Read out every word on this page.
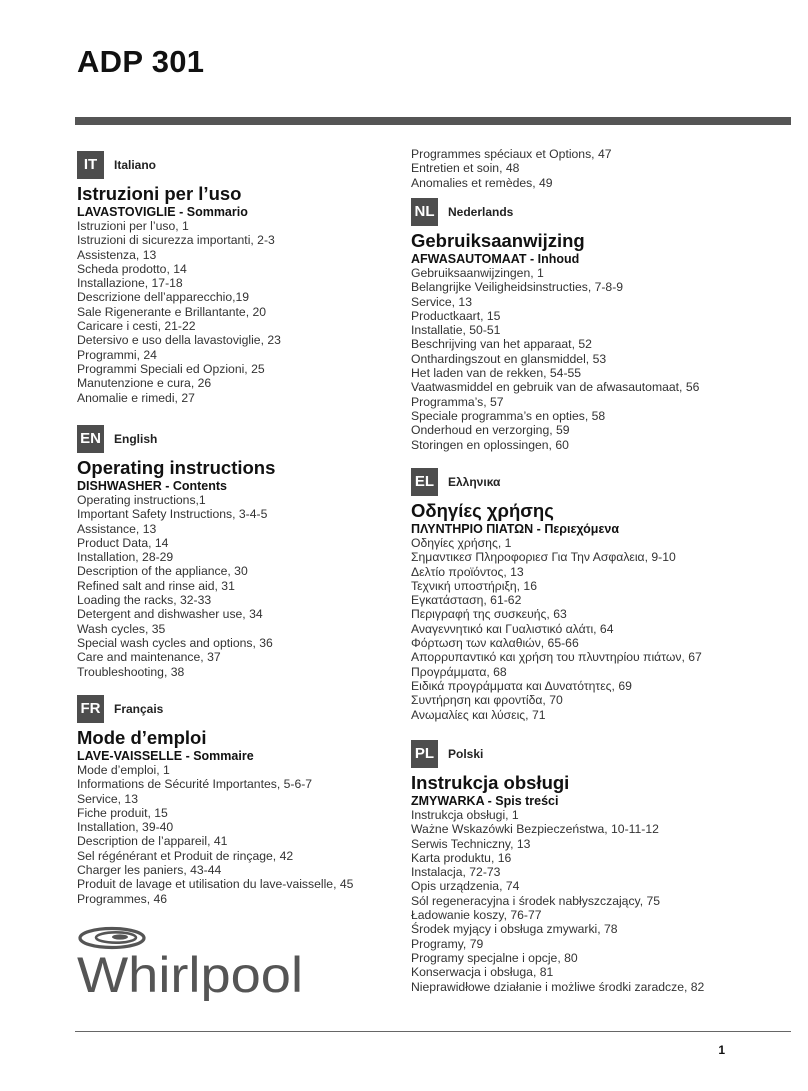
ADP 301
IT	Italiano
Istruzioni per l’uso
LAVASTOVIGLIE - Sommario
Istruzioni per l’uso, 1
Istruzioni di sicurezza importanti, 2-3
Assistenza, 13
Scheda prodotto, 14
Installazione, 17-18
Descrizione dell’apparecchio,19
Sale Rigenerante e Brillantante, 20
Caricare i cesti, 21-22
Detersivo e uso della lavastoviglie, 23
Programmi, 24
Programmi Speciali ed Opzioni, 25
Manutenzione e cura, 26
Anomalie e rimedi, 27
EN English
Operating instructions
DISHWASHER - Contents
Operating instructions,1
Important Safety Instructions, 3-4-5
Assistance, 13
Product Data, 14
Installation, 28-29
Description of the appliance, 30
Refined salt and rinse aid, 31
Loading the racks, 32-33
Detergent and dishwasher use, 34
Wash cycles, 35
Special wash cycles and options, 36
Care and maintenance, 37
Troubleshooting, 38
FR Français
Mode d’emploi
LAVE-VAISSELLE - Sommaire
Mode d’emploi, 1
Informations de Sécurité Importantes, 5-6-7
Service, 13
Fiche produit, 15
Installation, 39-40
Description de l’appareil, 41
Sel régénérant et Produit de rinçage, 42
Charger les paniers, 43-44
Produit de lavage et utilisation du lave-vaisselle, 45
Programmes, 46
Programmes spéciaux et Options, 47
Entretien et soin, 48
Anomalies et remèdes, 49
NL Nederlands
Gebruiksaanwijzing
AFWASAUTOMAAT - Inhoud
Gebruiksaanwijzingen, 1
Belangrijke Veiligheidsinstructies, 7-8-9
Service, 13
Productkaart, 15
Installatie, 50-51
Beschrijving van het apparaat, 52
Onthardingszout en glansmiddel, 53
Het laden van de rekken, 54-55
Vaatwasmiddel en gebruik van de afwasautomaat, 56
Programma’s, 57
Speciale programma’s en opties, 58
Onderhoud en verzorging, 59
Storingen en oplossingen, 60
EL	Ελληνικα
Οδηγίες χρήσης
ΠΛΥΝΤΗΡΙΟ ΠΙΑΤΩΝ - Περιεχόμενα
Οδηγίες χρήσης, 1
Σημαντικεσ Πληροφοριεσ Για Την Ασφαλεια, 9-10
Δελτίο προϊόντος, 13
Τεχνική υποστήριξη, 16
Εγκατάσταση, 61-62
Περιγραφή της συσκευής, 63
Αναγεννητικό και Γυαλιστικό αλάτι, 64
Φόρτωση των καλαθιών, 65-66
Απορρυπαντικό και χρήση του πλυντηρίου πιάτων, 67
Προγράμματα, 68
Ειδικά προγράμματα και Δυνατότητες, 69
Συντήρηση και φροντίδα, 70
Ανωμαλίες και λύσεις, 71
PL	Polski
Instrukcja obsługi
ZMYWARKA - Spis treści
Instrukcja obsługi, 1
Ważne Wskazówki Bezpieczeństwa, 10-11-12
Serwis Techniczny, 13
Karta produktu, 16
Instalacja, 72-73
Opis urządzenia, 74
Sól regeneracyjna i środek nabłyszczający, 75
Ładowanie koszy, 76-77
Środek myjący i obsługa zmywarki, 78
Programy, 79
Programy specjalne i opcje, 80
Konserwacja i obsługa, 81
Nieprawidłowe działanie i możliwe środki zaradcze, 82
Whirlpool
1
